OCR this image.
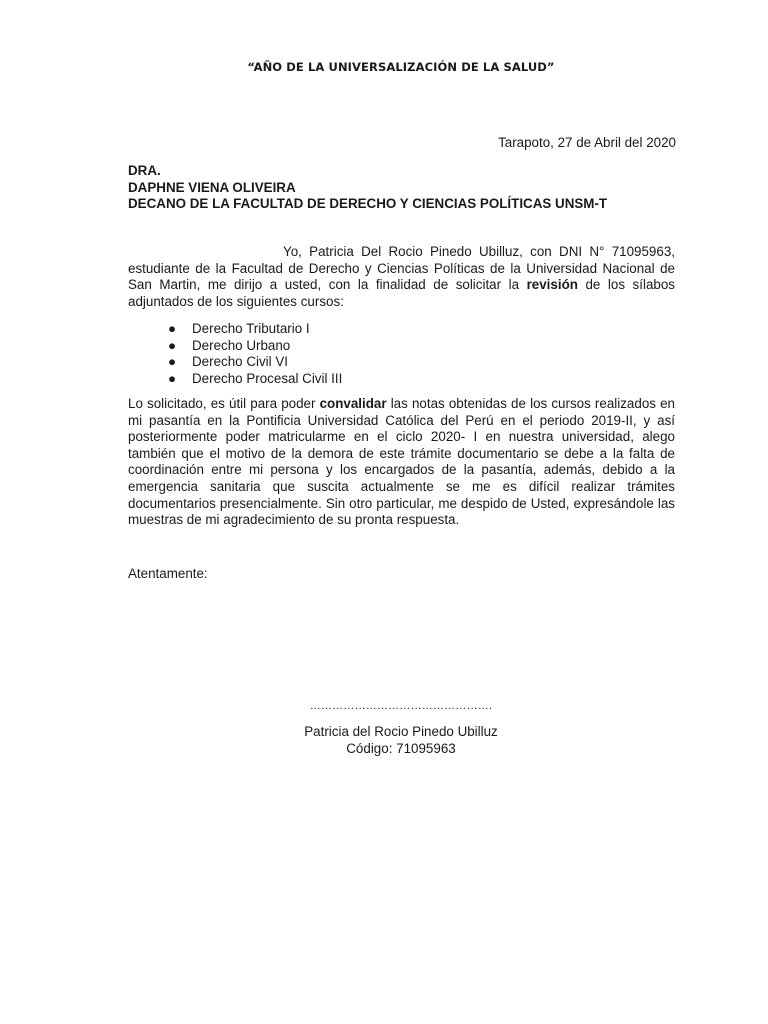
“AÑO DE LA UNIVERSALIZACIÓN DE LA SALUD”
Tarapoto, 27 de Abril del 2020
DRA.
DAPHNE VIENA OLIVEIRA
DECANO DE LA FACULTAD DE DERECHO Y CIENCIAS POLÍTICAS UNSM-T

Yo, Patricia Del Rocio Pinedo Ubilluz, con DNI N° 71095963, estudiante de la Facultad de Derecho y Ciencias Políticas de la Universidad Nacional de San Martin, me dirijo a usted, con la finalidad de solicitar la revisión de los sílabos adjuntados de los siguientes cursos:

● Derecho Tributario I
● Derecho Urbano
● Derecho Civil VI
● Derecho Procesal Civil III

Lo solicitado, es útil para poder convalidar las notas obtenidas de los cursos realizados en mi pasantía en la Pontificia Universidad Católica del Perú en el periodo 2019-II, y así posteriormente poder matricularme en el ciclo 2020- I en nuestra universidad, alego también que el motivo de la demora de este trámite documentario se debe a la falta de coordinación entre mi persona y los encargados de la pasantía, además, debido a la emergencia sanitaria que suscita actualmente se me es difícil realizar trámites documentarios presencialmente. Sin otro particular, me despido de Usted, expresándole las muestras de mi agradecimiento de su pronta respuesta.

Atentamente:
………………………………………….
Patricia del Rocio Pinedo Ubilluz
Código: 71095963
